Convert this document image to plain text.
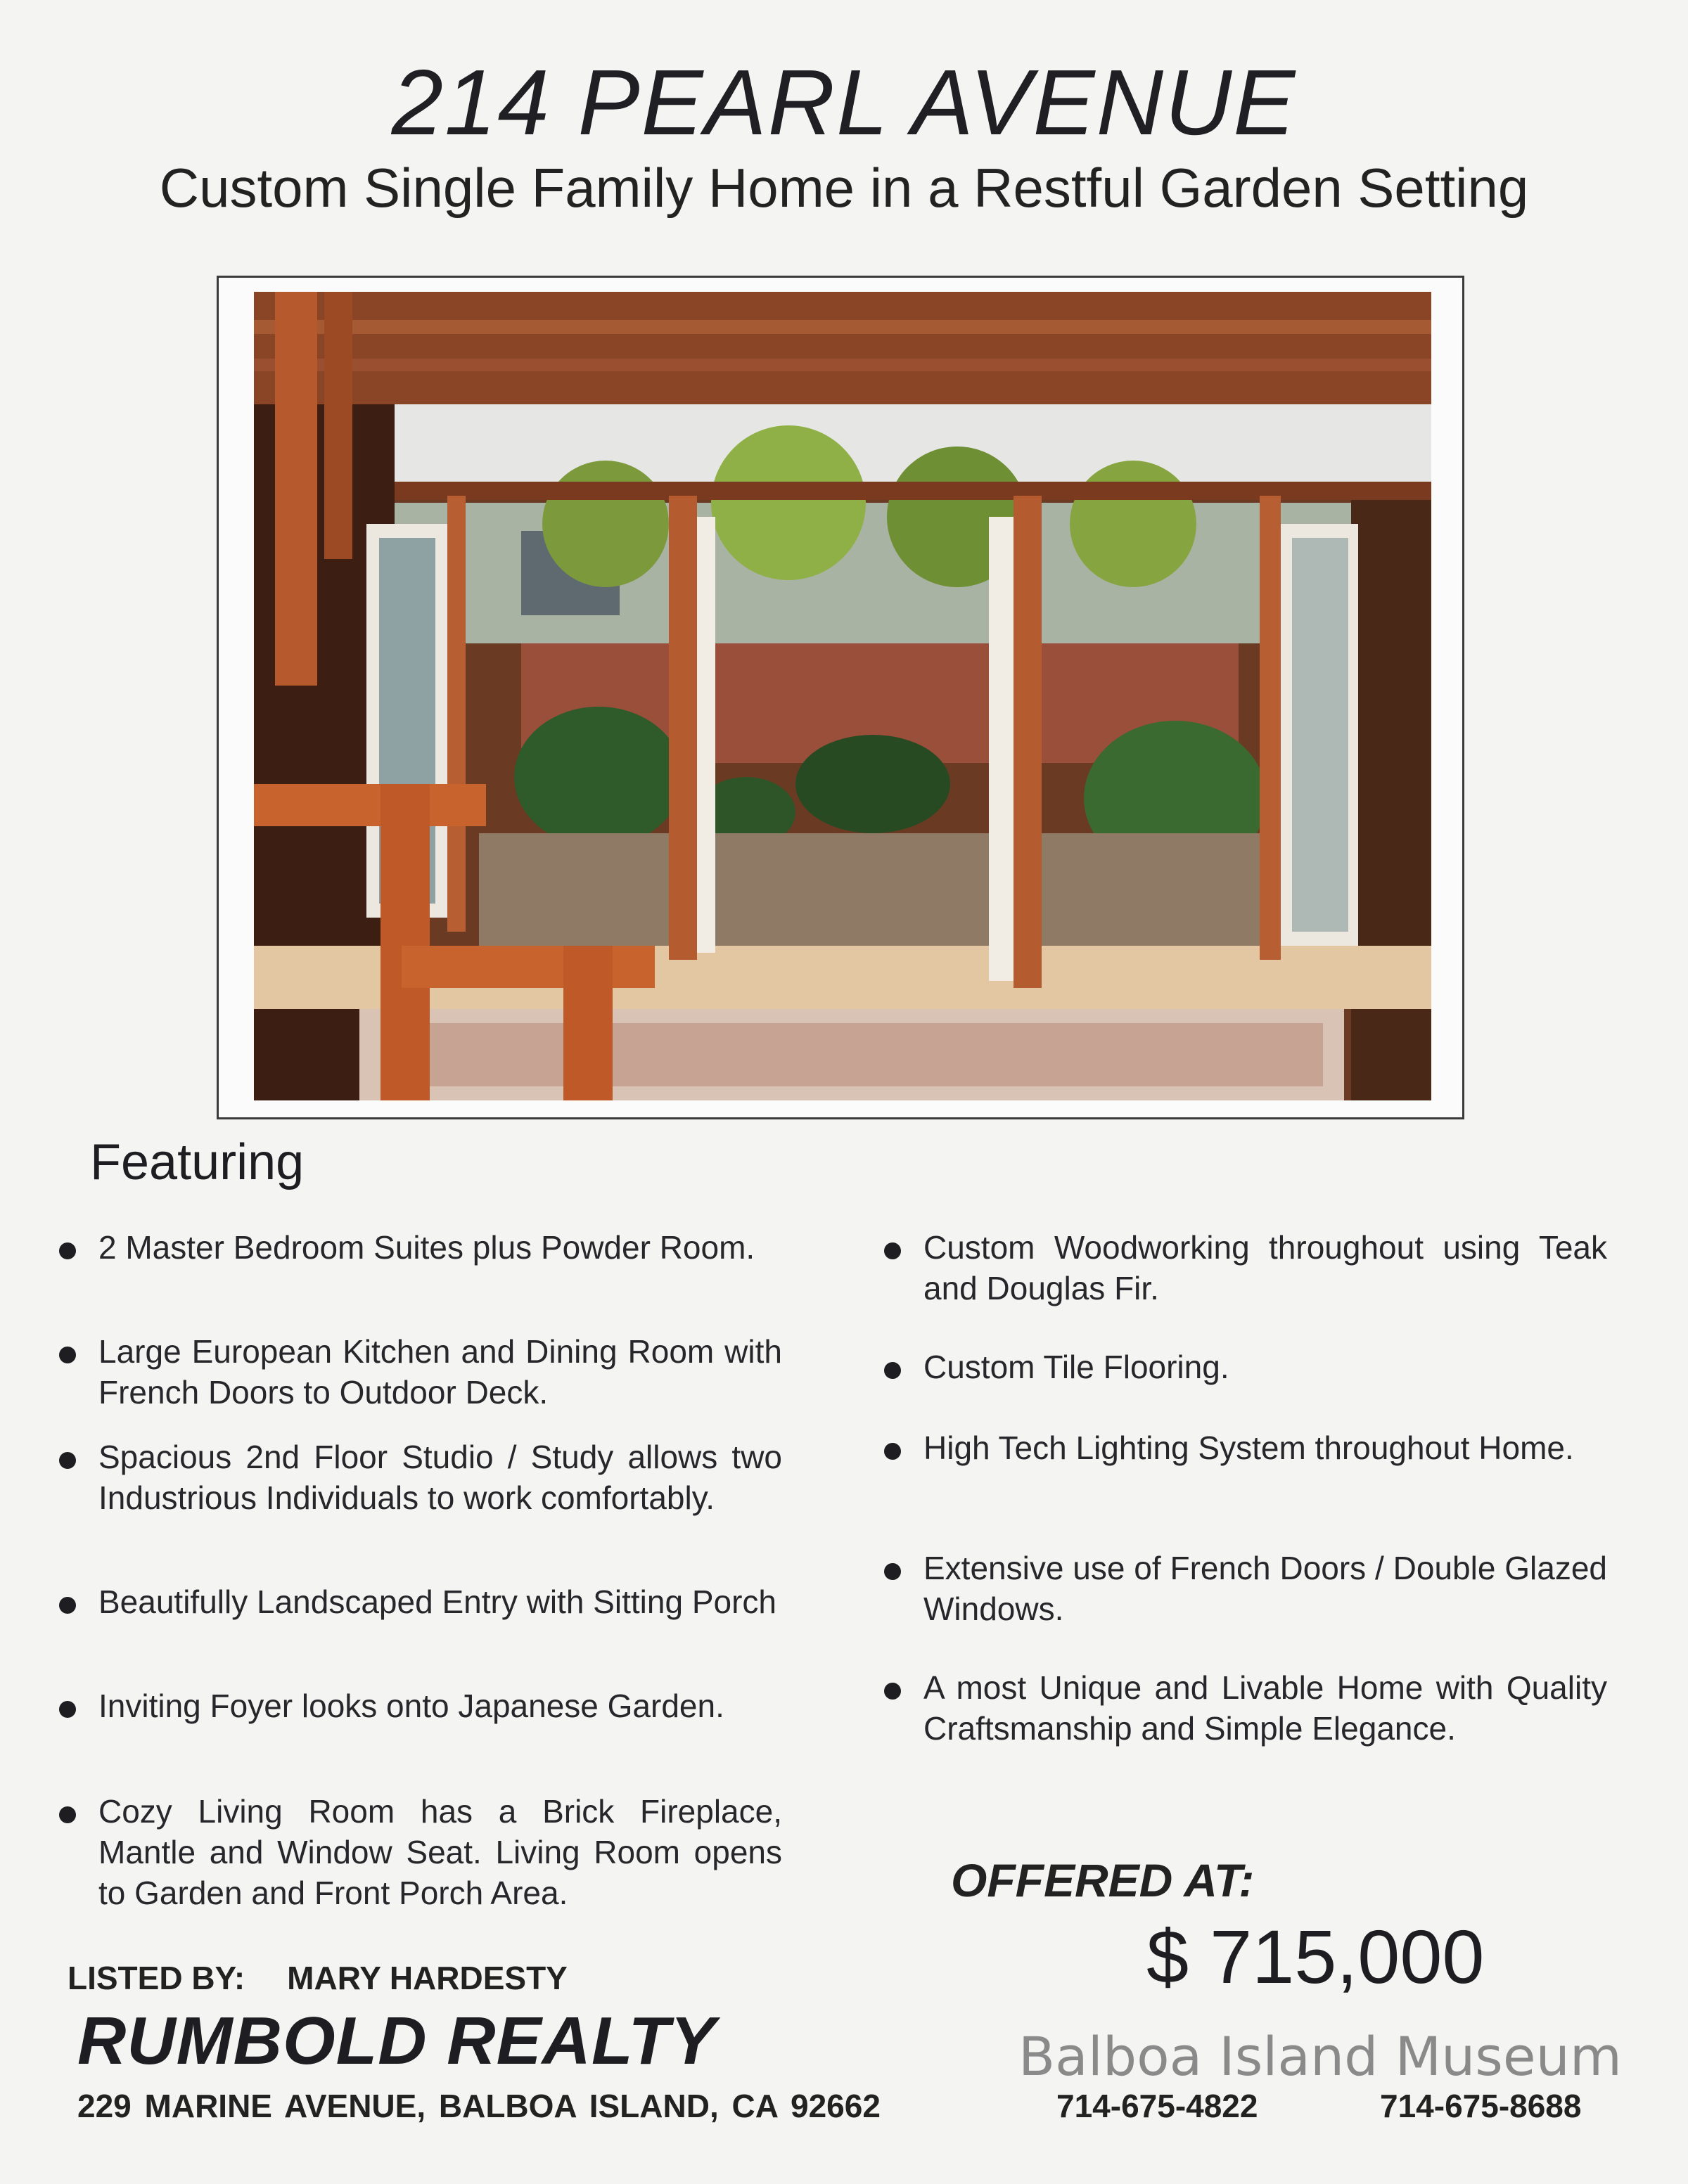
214 PEARL AVENUE
Custom Single Family Home in a Restful Garden Setting
Featuring
2 Master Bedroom Suites plus Powder Room.
Large European Kitchen and Dining Room with French Doors to Outdoor Deck.
Spacious 2nd Floor Studio / Study allows two Industrious Individuals to work comfortably.
Beautifully Landscaped Entry with Sitting Porch
Inviting Foyer looks onto Japanese Garden.
Cozy Living Room has a Brick Fireplace, Mantle and Window Seat. Living Room opens to Garden and Front Porch Area.
Custom Woodworking throughout using Teak and Douglas Fir.
Custom Tile Flooring.
High Tech Lighting System throughout Home.
Extensive use of French Doors / Double Glazed Windows.
A most Unique and Livable Home with Quality Craftsmanship and Simple Elegance.
OFFERED AT:
$ 715,000
LISTED BY: MARY HARDESTY
RUMBOLD REALTY	Balboa Island Museum
229 MARINE AVENUE, BALBOA ISLAND, CA 92662	714-675-4822	714-675-8688
